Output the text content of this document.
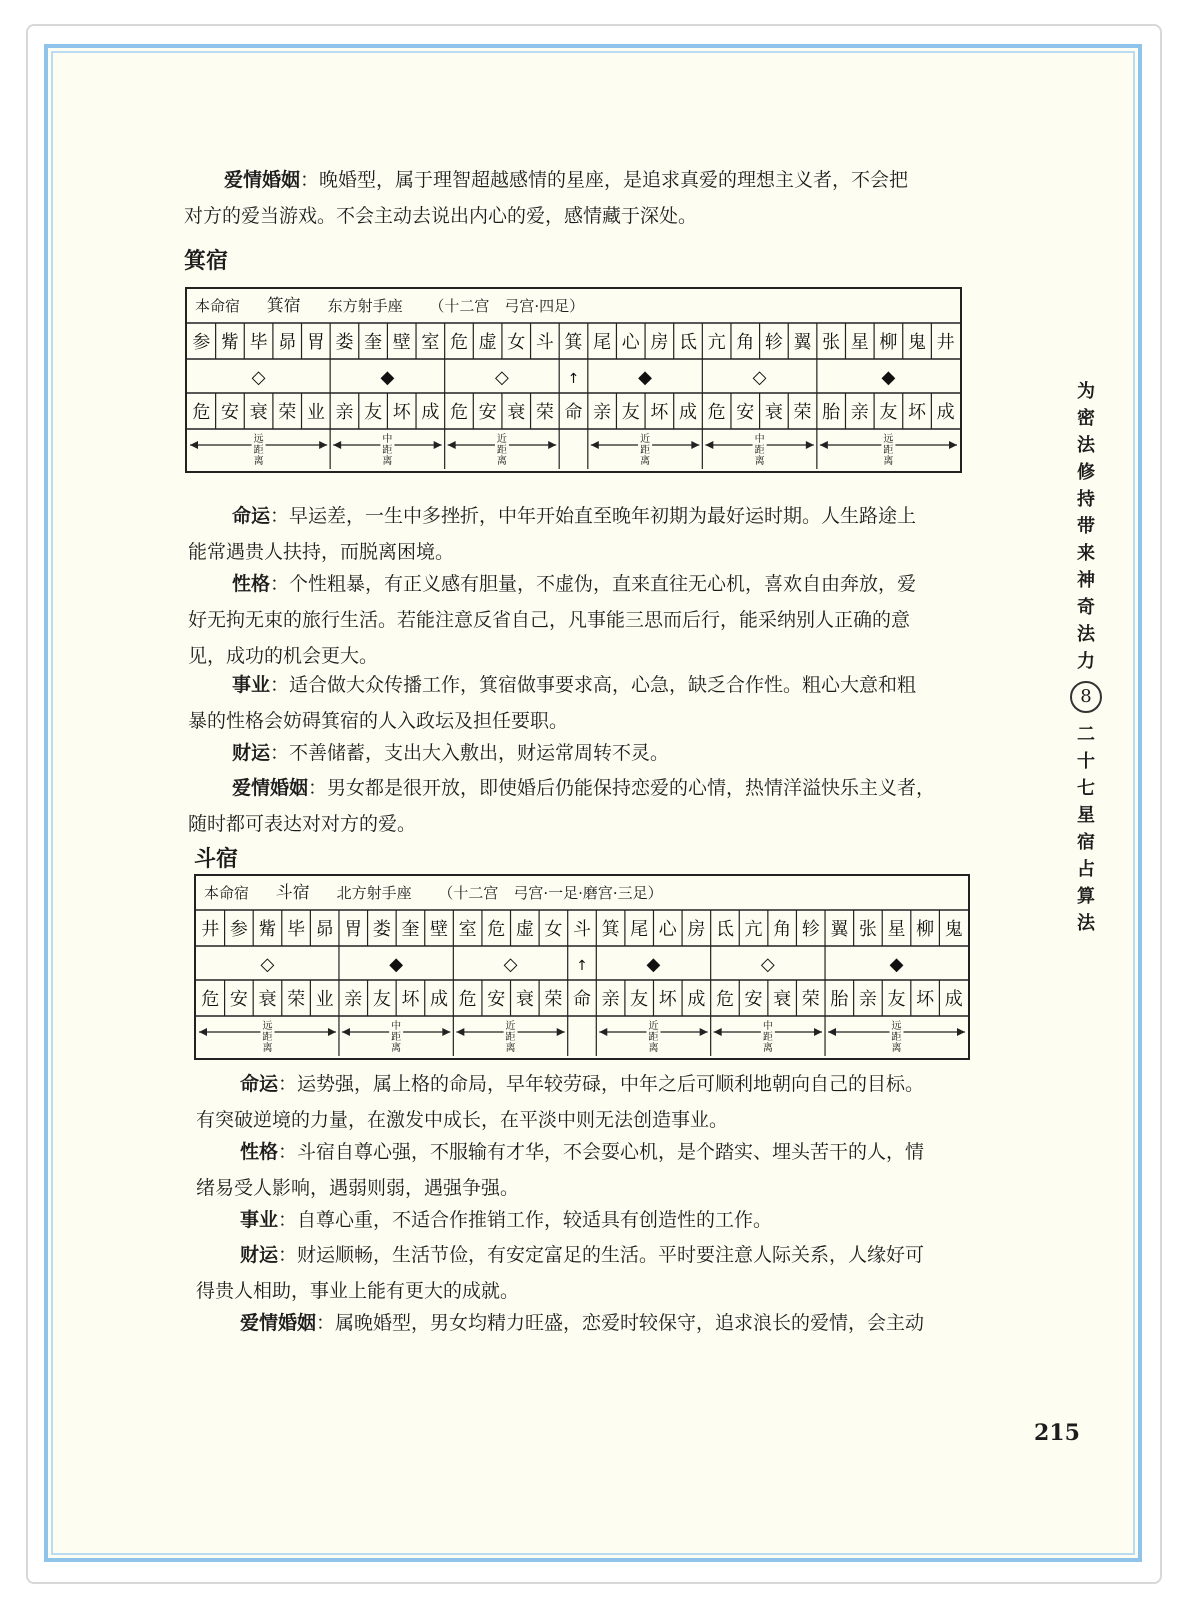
爱情婚姻：晚婚型，属于理智超越感情的星座，是追求真爱的理想主义者，不会把
对方的爱当游戏。不会主动去说出内心的爱，感情藏于深处。

箕宿
本命宿 箕宿 东方射手座 （十二宫　弓宫·四足）
参 觜 毕 昴 胃 娄 奎 壁 室 危 虚 女 斗 箕 尾 心 房 氐 亢 角 轸 翼 张 星 柳 鬼 井
危 安 衰 荣 业 亲 友 坏 成 危 安 衰 荣 命 亲 友 坏 成 危 安 衰 荣 胎 亲 友 坏 成
◇
远
距
离
◆
中
距
离
◇
近
距
离
◆
近
距
离
◇
中
距
离
◆
远
距
离
↑

命运：早运差，一生中多挫折，中年开始直至晚年初期为最好运时期。人生路途上
能常遇贵人扶持，而脱离困境。

性格：个性粗暴，有正义感有胆量，不虚伪，直来直往无心机，喜欢自由奔放，爱
好无拘无束的旅行生活。若能注意反省自己，凡事能三思而后行，能采纳别人正确的意
见，成功的机会更大。

事业：适合做大众传播工作，箕宿做事要求高，心急，缺乏合作性。粗心大意和粗
暴的性格会妨碍箕宿的人入政坛及担任要职。

财运：不善储蓄，支出大入敷出，财运常周转不灵。

爱情婚姻：男女都是很开放，即使婚后仍能保持恋爱的心情，热情洋溢快乐主义者，
随时都可表达对对方的爱。

斗宿
本命宿 斗宿 北方射手座 （十二宫　弓宫·一足·磨宫·三足）
井 参 觜 毕 昴 胃 娄 奎 壁 室 危 虚 女 斗 箕 尾 心 房 氐 亢 角 轸 翼 张 星 柳 鬼
危 安 衰 荣 业 亲 友 坏 成 危 安 衰 荣 命 亲 友 坏 成 危 安 衰 荣 胎 亲 友 坏 成
◇
远
距
离
◆
中
距
离
◇
近
距
离
◆
近
距
离
◇
中
距
离
◆
远
距
离
↑

命运：运势强，属上格的命局，早年较劳碌，中年之后可顺利地朝向自己的目标。
有突破逆境的力量，在激发中成长，在平淡中则无法创造事业。

性格：斗宿自尊心强，不服输有才华，不会耍心机，是个踏实、埋头苦干的人，情
绪易受人影响，遇弱则弱，遇强争强。

事业：自尊心重，不适合作推销工作，较适具有创造性的工作。

财运：财运顺畅，生活节俭，有安定富足的生活。平时要注意人际关系，人缘好可
得贵人相助，事业上能有更大的成就。

爱情婚姻：属晚婚型，男女均精力旺盛，恋爱时较保守，追求浪长的爱情，会主动

为
密
法
修
持
带
来
神
奇
法
力
8
二
十
七
星
宿
占
算
法
215
